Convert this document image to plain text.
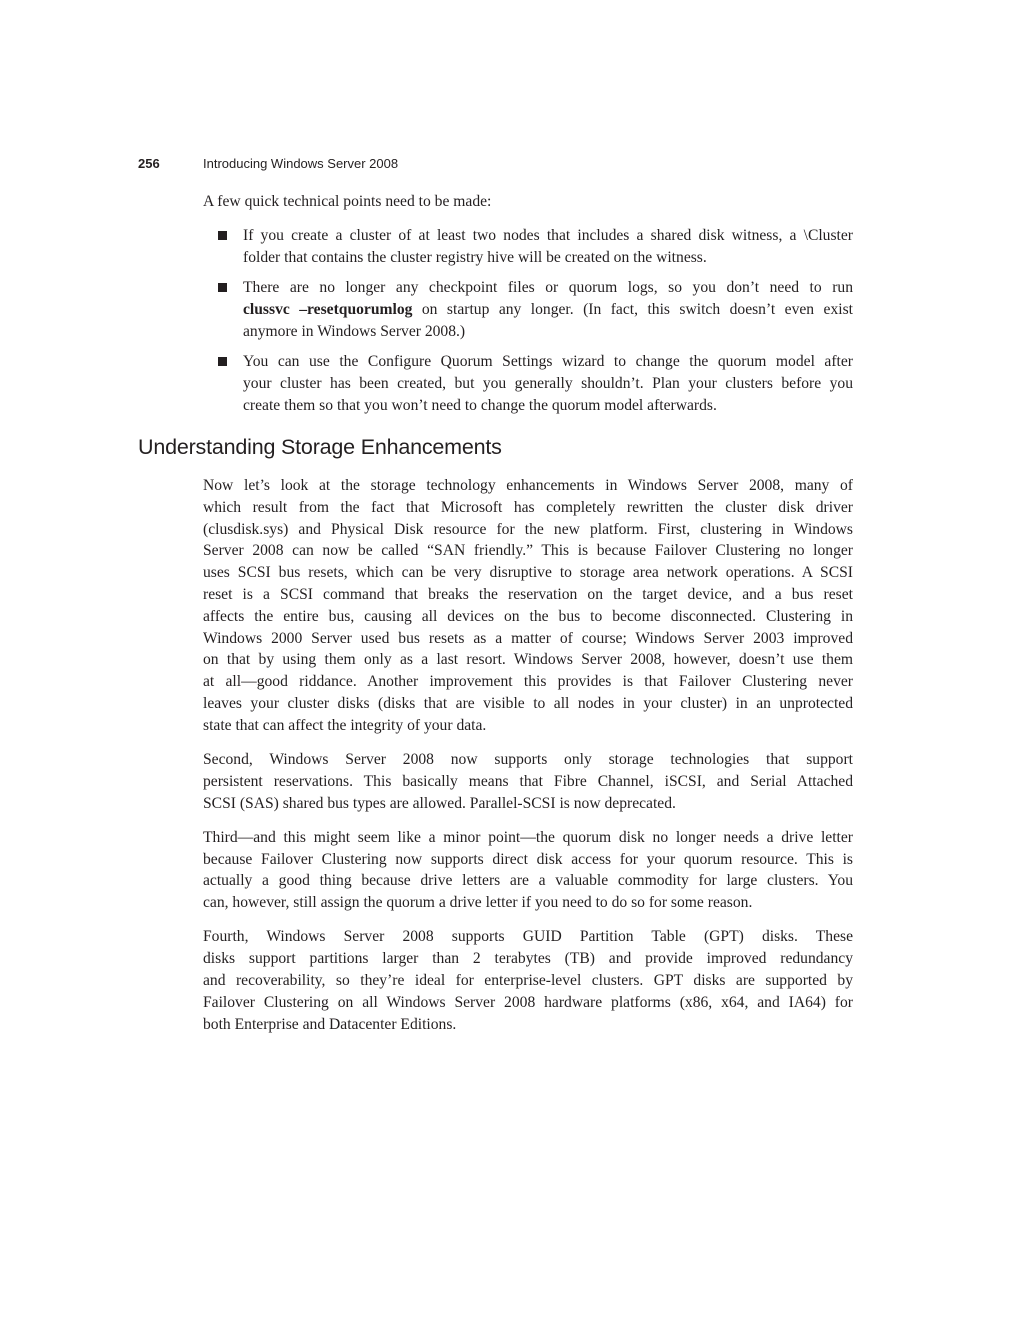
256	Introducing Windows Server 2008
A few quick technical points need to be made:
If you create a cluster of at least two nodes that includes a shared disk witness, a \Cluster
folder that contains the cluster registry hive will be created on the witness.
There are no longer any checkpoint files or quorum logs, so you don’t need to run
clussvc –resetquorumlog on startup any longer. (In fact, this switch doesn’t even exist
anymore in Windows Server 2008.)
You can use the Configure Quorum Settings wizard to change the quorum model after
your cluster has been created, but you generally shouldn’t. Plan your clusters before you
create them so that you won’t need to change the quorum model afterwards.
Understanding Storage Enhancements
Now let’s look at the storage technology enhancements in Windows Server 2008, many of
which result from the fact that Microsoft has completely rewritten the cluster disk driver
(clusdisk.sys) and Physical Disk resource for the new platform. First, clustering in Windows
Server 2008 can now be called “SAN friendly.” This is because Failover Clustering no longer
uses SCSI bus resets, which can be very disruptive to storage area network operations. A SCSI
reset is a SCSI command that breaks the reservation on the target device, and a bus reset
affects the entire bus, causing all devices on the bus to become disconnected. Clustering in
Windows 2000 Server used bus resets as a matter of course; Windows Server 2003 improved
on that by using them only as a last resort. Windows Server 2008, however, doesn’t use them
at all—good riddance. Another improvement this provides is that Failover Clustering never
leaves your cluster disks (disks that are visible to all nodes in your cluster) in an unprotected
state that can affect the integrity of your data.
Second, Windows Server 2008 now supports only storage technologies that support
persistent reservations. This basically means that Fibre Channel, iSCSI, and Serial Attached
SCSI (SAS) shared bus types are allowed. Parallel-SCSI is now deprecated.
Third—and this might seem like a minor point—the quorum disk no longer needs a drive letter
because Failover Clustering now supports direct disk access for your quorum resource. This is
actually a good thing because drive letters are a valuable commodity for large clusters. You
can, however, still assign the quorum a drive letter if you need to do so for some reason.
Fourth, Windows Server 2008 supports GUID Partition Table (GPT) disks. These
disks support partitions larger than 2 terabytes (TB) and provide improved redundancy
and recoverability, so they’re ideal for enterprise-level clusters. GPT disks are supported by
Failover Clustering on all Windows Server 2008 hardware platforms (x86, x64, and IA64) for
both Enterprise and Datacenter Editions.
